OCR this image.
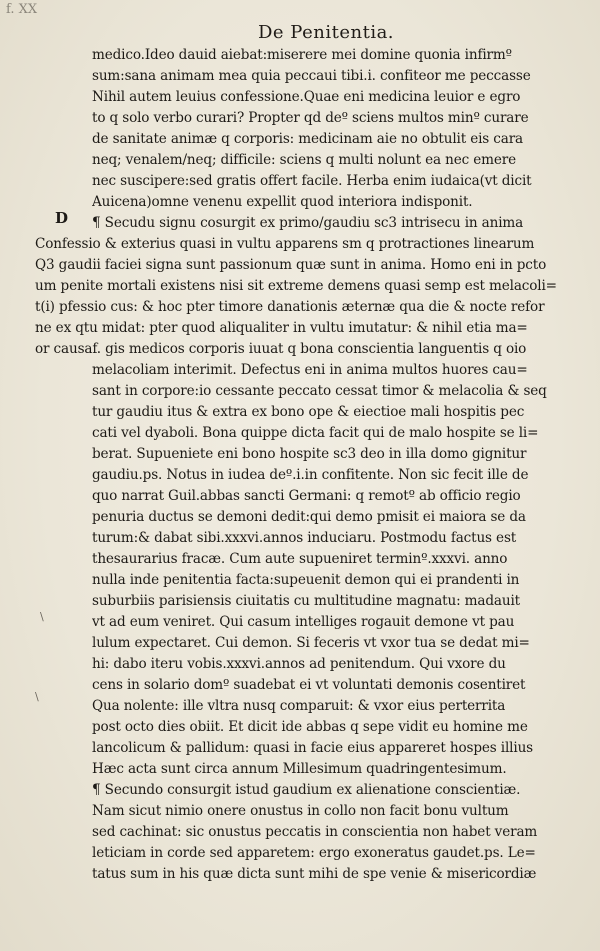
f. XX
De Penitentia.
D
\
\
medico.Ideo dauid aiebat:miserere mei domine quonia infirmº
sum:sana animam mea quia peccaui tibi.i. confiteor me peccasse
Nihil autem leuius confessione.Quae eni medicina leuior e egro
to q solo verbo curari? Propter qd deº sciens multos minº curare
de sanitate animæ q corporis: medicinam aie no obtulit eis cara
neq; venalem/neq; difficile: sciens q multi nolunt ea nec emere
nec suscipere:sed gratis offert facile. Herba enim iudaica(vt dicit
Auicena)omne venenu expellit quod interiora indisponit.
¶ Secudu signu cosurgit ex primo/gaudiu sc3 intrisecu in anima
Confessio & exterius quasi in vultu apparens sm q protractiones linearum
Q3 gaudii faciei signa sunt passionum quæ sunt in anima. Homo eni in pcto
um penite mortali existens nisi sit extreme demens quasi semp est melacoli=
t(i) pfessio cus: & hoc pter timore danationis æternæ qua die & nocte refor
ne ex qtu midat: pter quod aliqualiter in vultu imutatur: & nihil etia ma=
or causaf. gis medicos corporis iuuat q bona conscientia languentis q oio
melacoliam interimit. Defectus eni in anima multos huores cau=
sant in corpore:io cessante peccato cessat timor & melacolia & seq
tur gaudiu itus & extra ex bono ope & eiectioe mali hospitis pec
cati vel dyaboli. Bona quippe dicta facit qui de malo hospite se li=
berat. Supueniete eni bono hospite sc3 deo in illa domo gignitur
gaudiu.ps. Notus in iudea deº.i.in confitente. Non sic fecit ille de
quo narrat Guil.abbas sancti Germani: q remotº ab officio regio
penuria ductus se demoni dedit:qui demo pmisit ei maiora se da
turum:& dabat sibi.xxxvi.annos induciaru. Postmodu factus est
thesaurarius fracæ. Cum aute supueniret terminº.xxxvi. anno
nulla inde penitentia facta:supeuenit demon qui ei prandenti in
suburbiis parisiensis ciuitatis cu multitudine magnatu: madauit
vt ad eum veniret. Qui casum intelliges rogauit demone vt pau
lulum expectaret. Cui demon. Si feceris vt vxor tua se dedat mi=
hi: dabo iteru vobis.xxxvi.annos ad penitendum. Qui vxore du
cens in solario domº suadebat ei vt voluntati demonis cosentiret
Qua nolente: ille vltra nusq comparuit: & vxor eius perterrita
post octo dies obiit. Et dicit ide abbas q sepe vidit eu homine me
lancolicum & pallidum: quasi in facie eius appareret hospes illius
Hæc acta sunt circa annum Millesimum quadringentesimum.
¶ Secundo consurgit istud gaudium ex alienatione conscientiæ.
Nam sicut nimio onere onustus in collo non facit bonu vultum
sed cachinat: sic onustus peccatis in conscientia non habet veram
leticiam in corde sed apparetem: ergo exoneratus gaudet.ps. Le=
tatus sum in his quæ dicta sunt mihi de spe venie & misericordiæ
